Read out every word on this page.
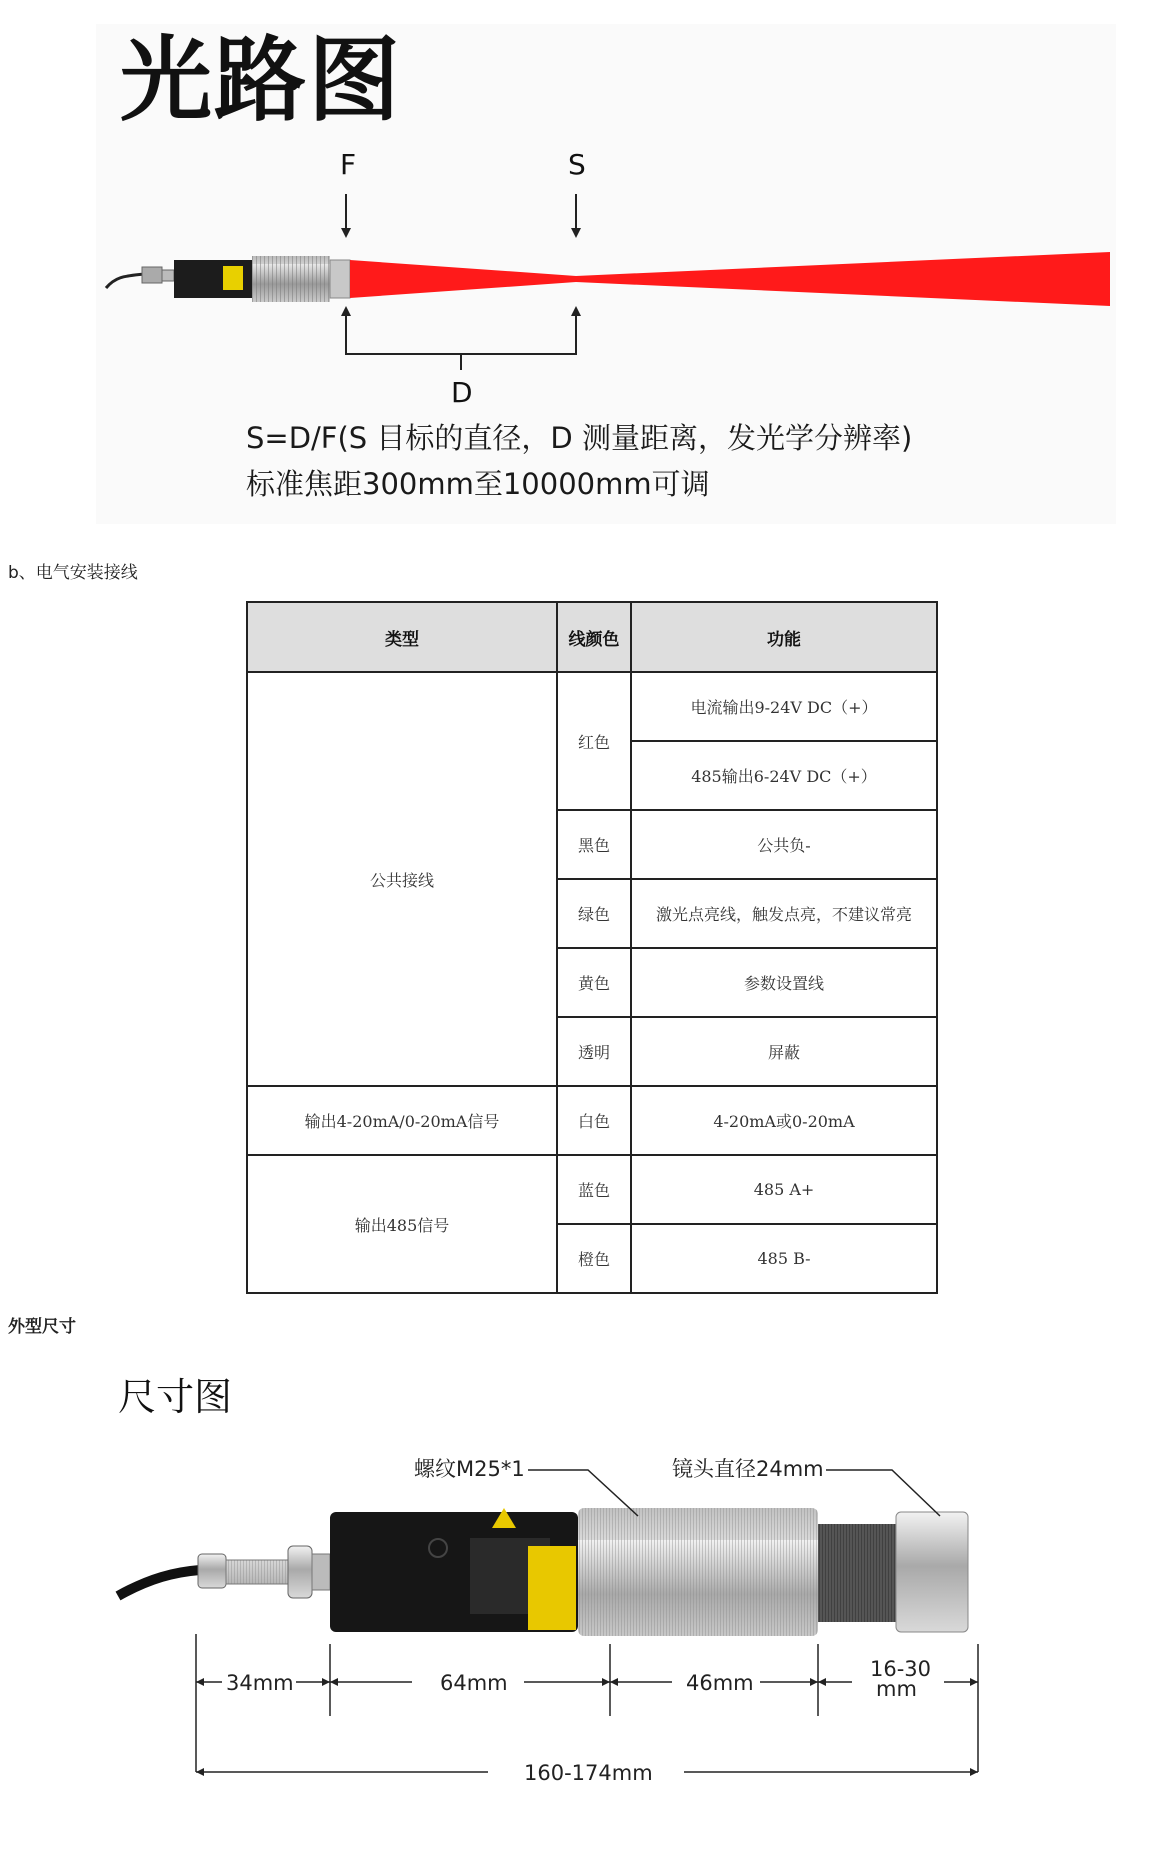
光路图
F	S
D
S=D/F(S 目标的直径，D 测量距离，发光学分辨率)
标准焦距300mm至10000mm可调
b、电气安装接线
类型	线颜色	功能
公共接线	红色	电流输出9-24V DC（+）
		485输出6-24V DC（+）
	黑色	公共负-
	绿色	激光点亮线，触发点亮，不建议常亮
	黄色	参数设置线
	透明	屏蔽
输出4-20mA/0-20mA信号	白色	4-20mA或0-20mA
输出485信号	蓝色	485 A+
	橙色	485 B-
外型尺寸
尺寸图
螺纹M25*1	镜头直径24mm
34mm	64mm	46mm
16-30
mm
160-174mm
